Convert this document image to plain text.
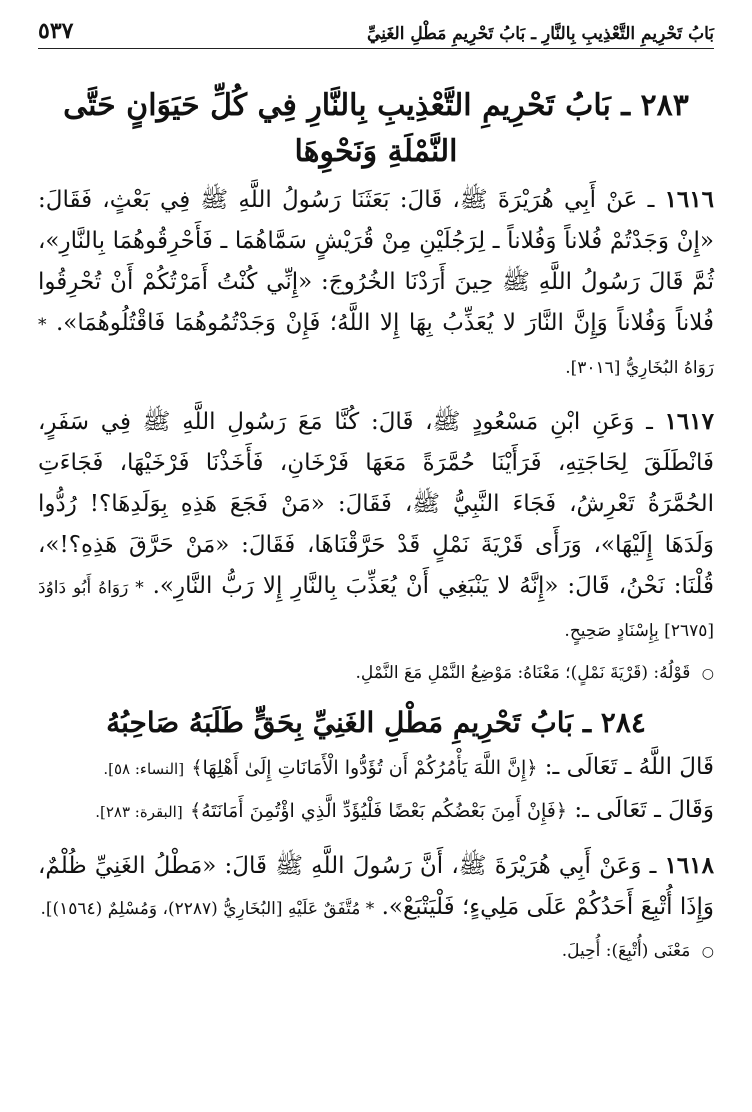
بَابُ تَحْرِيمِ التَّعْذِيبِ بِالنَّارِ ـ بَابُ تَحْرِيمِ مَطْلِ الغَنِيِّ
٥٣٧
٢٨٣ ـ بَابُ تَحْرِيمِ التَّعْذِيبِ بِالنَّارِ فِي كُلِّ حَيَوَانٍ حَتَّى
النَّمْلَةِ وَنَحْوِهَا

١٦١٦ ـ عَنْ أَبِي هُرَيْرَةَ ﷺ، قَالَ: بَعَثَنَا رَسُولُ اللَّهِ ﷺ فِي بَعْثٍ، فَقَالَ: «إِنْ وَجَدْتُمْ فُلاناً وَفُلاناً ـ لِرَجُلَيْنِ مِنْ قُرَيْشٍ سَمَّاهُمَا ـ فَأَحْرِقُوهُمَا بِالنَّارِ»، ثُمَّ قَالَ رَسُولُ اللَّهِ ﷺ حِينَ أَرَدْنَا الخُرُوجَ: «إِنِّي كُنْتُ أَمَرْتُكُمْ أَنْ تُحْرِقُوا فُلاناً وَفُلاناً وَإِنَّ النَّارَ لا يُعَذِّبُ بِهَا إِلا اللَّهُ؛ فَإِنْ وَجَدْتُمُوهُمَا فَاقْتُلُوهُمَا». * رَوَاهُ البُخَارِيُّ [٣٠١٦].

١٦١٧ ـ وَعَنِ ابْنِ مَسْعُودٍ ﷺ، قَالَ: كُنَّا مَعَ رَسُولِ اللَّهِ ﷺ فِي سَفَرٍ، فَانْطَلَقَ لِحَاجَتِهِ، فَرَأَيْنَا حُمَّرَةً مَعَهَا فَرْخَانِ، فَأَخَذْنَا فَرْخَيْهَا، فَجَاءَتِ الحُمَّرَةُ تَعْرِشُ، فَجَاءَ النَّبِيُّ ﷺ، فَقَالَ: «مَنْ فَجَعَ هَذِهِ بِوَلَدِهَا؟! رُدُّوا وَلَدَهَا إِلَيْهَا»، وَرَأَى قَرْيَةَ نَمْلٍ قَدْ حَرَّقْنَاهَا، فَقَالَ: «مَنْ حَرَّقَ هَذِهِ؟!»، قُلْنَا: نَحْنُ، قَالَ: «إِنَّهُ لا يَنْبَغِي أَنْ يُعَذِّبَ بِالنَّارِ إِلا رَبُّ النَّارِ». * رَوَاهُ أَبُو دَاوُدَ [٢٦٧٥] بِإِسْنَادٍ صَحِيحٍ.

○ قَوْلُهُ: (قَرْيَةَ نَمْلٍ)؛ مَعْنَاهُ: مَوْضِعُ النَّمْلِ مَعَ النَّمْلِ.

٢٨٤ ـ بَابُ تَحْرِيمِ مَطْلِ الغَنِيِّ بِحَقٍّ طَلَبَهُ صَاحِبُهُ

قَالَ اللَّهُ ـ تَعَالَى ـ: ﴿إِنَّ اللَّهَ يَأْمُرُكُمْ أَن تُؤَدُّوا الْأَمَانَاتِ إِلَىٰ أَهْلِهَا﴾ [النساء: ٥٨].

وَقَالَ ـ تَعَالَى ـ: ﴿فَإِنْ أَمِنَ بَعْضُكُم بَعْضًا فَلْيُؤَدِّ الَّذِي اؤْتُمِنَ أَمَانَتَهُ﴾ [البقرة: ٢٨٣].

١٦١٨ ـ وَعَنْ أَبِي هُرَيْرَةَ ﷺ، أَنَّ رَسُولَ اللَّهِ ﷺ قَالَ: «مَطْلُ الغَنِيِّ ظُلْمٌ، وَإِذَا أُتْبِعَ أَحَدُكُمْ عَلَى مَلِيءٍ؛ فَلْيَتْبَعْ». * مُتَّفَقٌ عَلَيْهِ [البُخَارِيُّ (٢٢٨٧)، وَمُسْلِمٌ (١٥٦٤)].

○ مَعْنَى (أُتْبِعَ): أُحِيلَ.
